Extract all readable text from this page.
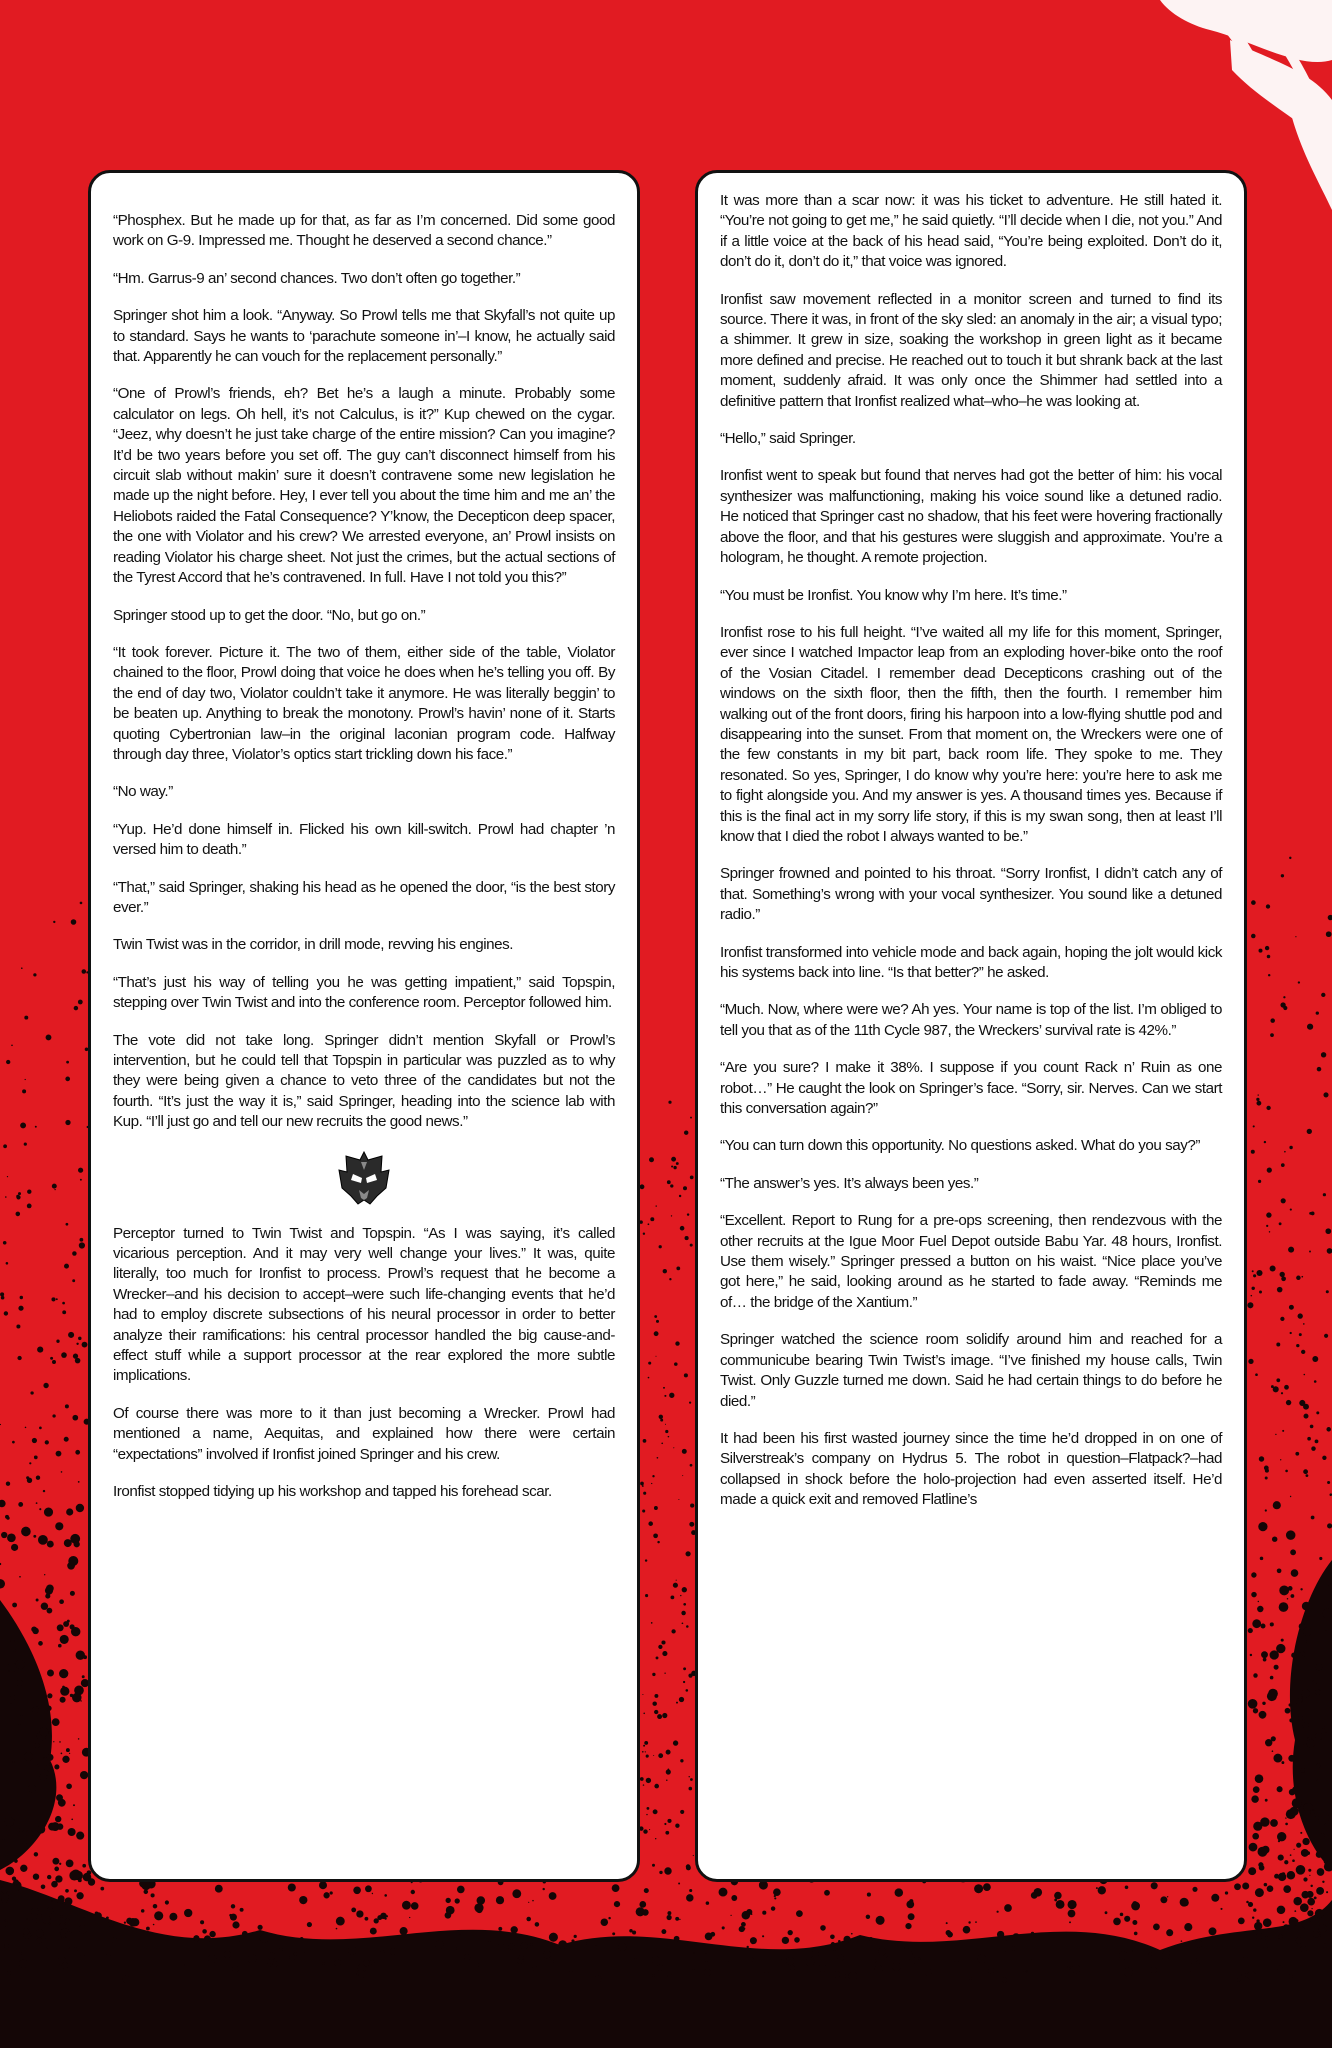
“Phosphex. But he made up for that, as far as I’m concerned. Did some good work on G-9. Impressed me. Thought he deserved a second chance.”

“Hm. Garrus-9 an’ second chances. Two don’t often go together.”

Springer shot him a look. “Anyway. So Prowl tells me that Skyfall’s not quite up to standard. Says he wants to ‘parachute someone in’–I know, he actually said that. Apparently he can vouch for the replacement personally.”

“One of Prowl’s friends, eh? Bet he’s a laugh a minute. Probably some calculator on legs. Oh hell, it’s not Calculus, is it?” Kup chewed on the cygar. “Jeez, why doesn’t he just take charge of the entire mission? Can you imagine? It’d be two years before you set off. The guy can’t disconnect himself from his circuit slab without makin’ sure it doesn’t contravene some new legislation he made up the night before. Hey, I ever tell you about the time him and me an’ the Heliobots raided the Fatal Consequence? Y’know, the Decepticon deep spacer, the one with Violator and his crew? We arrested everyone, an’ Prowl insists on reading Violator his charge sheet. Not just the crimes, but the actual sections of the Tyrest Accord that he’s contravened. In full. Have I not told you this?”

Springer stood up to get the door. “No, but go on.”

“It took forever. Picture it. The two of them, either side of the table, Violator chained to the floor, Prowl doing that voice he does when he’s telling you off. By the end of day two, Violator couldn’t take it anymore. He was literally beggin’ to be beaten up. Anything to break the monotony. Prowl’s havin’ none of it. Starts quoting Cybertronian law–in the original laconian program code. Halfway through day three, Violator’s optics start trickling down his face.”

“No way.”

“Yup. He’d done himself in. Flicked his own kill-switch. Prowl had chapter ’n versed him to death.”

“That,” said Springer, shaking his head as he opened the door, “is the best story ever.”

Twin Twist was in the corridor, in drill mode, revving his engines.

“That’s just his way of telling you he was getting impatient,” said Topspin, stepping over Twin Twist and into the conference room. Perceptor followed him.

The vote did not take long. Springer didn’t mention Skyfall or Prowl’s intervention, but he could tell that Topspin in particular was puzzled as to why they were being given a chance to veto three of the candidates but not the fourth. “It’s just the way it is,” said Springer, heading into the science lab with Kup. “I’ll just go and tell our new recruits the good news.”

Perceptor turned to Twin Twist and Topspin. “As I was saying, it’s called vicarious perception. And it may very well change your lives.” It was, quite literally, too much for Ironfist to process. Prowl’s request that he become a Wrecker–and his decision to accept–were such life-changing events that he’d had to employ discrete subsections of his neural processor in order to better analyze their ramifications: his central processor handled the big cause-and-effect stuff while a support processor at the rear explored the more subtle implications.

Of course there was more to it than just becoming a Wrecker. Prowl had mentioned a name, Aequitas, and explained how there were certain “expectations” involved if Ironfist joined Springer and his crew.

Ironfist stopped tidying up his workshop and tapped his forehead scar.

It was more than a scar now: it was his ticket to adventure. He still hated it. “You’re not going to get me,” he said quietly. “I’ll decide when I die, not you.” And if a little voice at the back of his head said, “You’re being exploited. Don’t do it, don’t do it, don’t do it,” that voice was ignored.

Ironfist saw movement reflected in a monitor screen and turned to find its source. There it was, in front of the sky sled: an anomaly in the air; a visual typo; a shimmer. It grew in size, soaking the workshop in green light as it became more defined and precise. He reached out to touch it but shrank back at the last moment, suddenly afraid. It was only once the Shimmer had settled into a definitive pattern that Ironfist realized what–who–he was looking at.

“Hello,” said Springer.

Ironfist went to speak but found that nerves had got the better of him: his vocal synthesizer was malfunctioning, making his voice sound like a detuned radio. He noticed that Springer cast no shadow, that his feet were hovering fractionally above the floor, and that his gestures were sluggish and approximate. You’re a hologram, he thought. A remote projection.

“You must be Ironfist. You know why I’m here. It’s time.”

Ironfist rose to his full height. “I’ve waited all my life for this moment, Springer, ever since I watched Impactor leap from an exploding hover-bike onto the roof of the Vosian Citadel. I remember dead Decepticons crashing out of the windows on the sixth floor, then the fifth, then the fourth. I remember him walking out of the front doors, firing his harpoon into a low-flying shuttle pod and disappearing into the sunset. From that moment on, the Wreckers were one of the few constants in my bit part, back room life. They spoke to me. They resonated. So yes, Springer, I do know why you’re here: you’re here to ask me to fight alongside you. And my answer is yes. A thousand times yes. Because if this is the final act in my sorry life story, if this is my swan song, then at least I’ll know that I died the robot I always wanted to be.”

Springer frowned and pointed to his throat. “Sorry Ironfist, I didn’t catch any of that. Something’s wrong with your vocal synthesizer. You sound like a detuned radio.”

Ironfist transformed into vehicle mode and back again, hoping the jolt would kick his systems back into line. “Is that better?” he asked.

“Much. Now, where were we? Ah yes. Your name is top of the list. I’m obliged to tell you that as of the 11th Cycle 987, the Wreckers’ survival rate is 42%.”

“Are you sure? I make it 38%. I suppose if you count Rack n’ Ruin as one robot…” He caught the look on Springer’s face. “Sorry, sir. Nerves. Can we start this conversation again?”

“You can turn down this opportunity. No questions asked. What do you say?”

“The answer’s yes. It’s always been yes.”

“Excellent. Report to Rung for a pre-ops screening, then rendezvous with the other recruits at the Igue Moor Fuel Depot outside Babu Yar. 48 hours, Ironfist. Use them wisely.” Springer pressed a button on his waist. “Nice place you’ve got here,” he said, looking around as he started to fade away. “Reminds me of… the bridge of the Xantium.”

Springer watched the science room solidify around him and reached for a communicube bearing Twin Twist’s image. “I’ve finished my house calls, Twin Twist. Only Guzzle turned me down. Said he had certain things to do before he died.”

It had been his first wasted journey since the time he’d dropped in on one of Silverstreak’s company on Hydrus 5. The robot in question–Flatpack?–had collapsed in shock before the holo-projection had even asserted itself. He’d made a quick exit and removed Flatline’s
